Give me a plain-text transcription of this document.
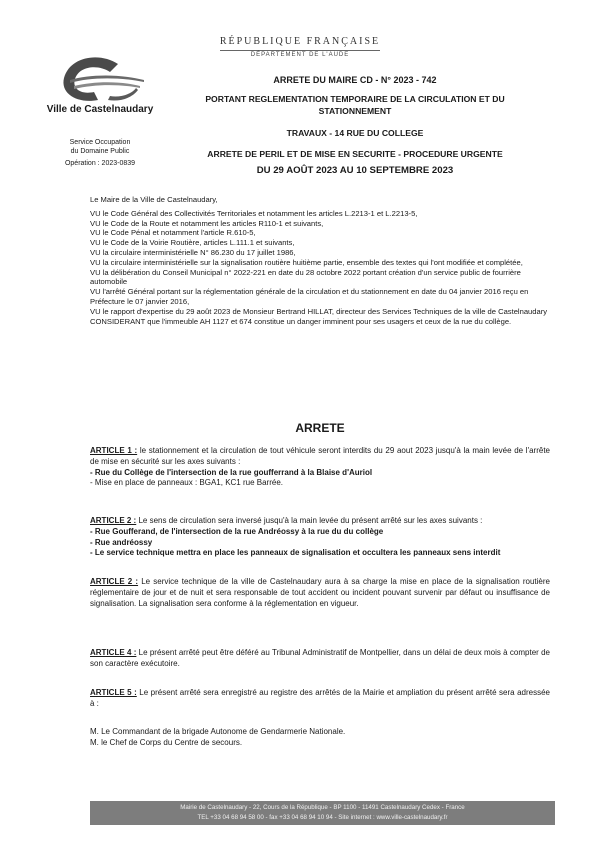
Ville de Castelnaudary
Service Occupation
du Domaine Public
Opération : 2023-0839
RÉPUBLIQUE FRANÇAISE
DÉPARTEMENT DE L'AUDE
ARRETE DU MAIRE CD - N° 2023 - 742
PORTANT REGLEMENTATION TEMPORAIRE DE LA CIRCULATION ET DU
STATIONNEMENT
TRAVAUX - 14 RUE DU COLLEGE
ARRETE DE PERIL ET DE MISE EN SECURITE - PROCEDURE URGENTE
DU 29 AOÛT 2023 AU 10 SEPTEMBRE 2023

Le Maire de la Ville de Castelnaudary,

VU le Code Général des Collectivités Territoriales et notamment les articles L.2213-1 et L.2213-5,

VU le Code de la Route et notamment les articles R110-1 et suivants,

VU le Code Pénal et notamment l'article R.610-5,

VU le Code de la Voirie Routière, articles L.111.1 et suivants,

VU la circulaire interministérielle N° 86.230 du 17 juillet 1986,

VU la circulaire interministérielle sur la signalisation routière huitième partie, ensemble des textes qui l'ont modifiée et complétée,

VU la délibération du Conseil Municipal n° 2022-221 en date du 28 octobre 2022 portant création d'un service public de fourrière automobile

VU l'arrêté Général portant sur la réglementation générale de la circulation et du stationnement en date du 04 janvier 2016 reçu en Préfecture le 07 janvier 2016,

VU le rapport d'expertise du 29 août 2023 de Monsieur Bertrand HILLAT, directeur des Services Techniques de la ville de Castelnaudary

CONSIDERANT que l'immeuble AH 1127 et 674 constitue un danger imminent pour ses usagers et ceux de la rue du collège.

ARRETE

ARTICLE 1 : le stationnement et la circulation de tout véhicule seront interdits du 29 aout 2023 jusqu'à la main levée de l'arrête de mise en sécurité sur les axes suivants :

- Rue du Collège de l'intersection de la rue goufferrand à la Blaise d'Auriol

- Mise en place de panneaux : BGA1, KC1 rue Barrée.

ARTICLE 2 : Le sens de circulation sera inversé jusqu'à la main levée du présent arrêté sur les axes suivants :

- Rue Goufferand, de l'intersection de la rue Andréossy à la rue du du collège

- Rue andréossy

- Le service technique mettra en place les panneaux de signalisation et occultera les panneaux sens interdit

ARTICLE 2 : Le service technique de la ville de Castelnaudary aura à sa charge la mise en place de la signalisation routière réglementaire de jour et de nuit et sera responsable de tout accident ou incident pouvant survenir par défaut ou insuffisance de signalisation. La signalisation sera conforme à la réglementation en vigueur.

ARTICLE 4 : Le présent arrêté peut être déféré au Tribunal Administratif de Montpellier, dans un délai de deux mois à compter de son caractère exécutoire.

ARTICLE 5 : Le présent arrêté sera enregistré au registre des arrêtés de la Mairie et ampliation du présent arrêté sera adressée à :

M. Le Commandant de la brigade Autonome de Gendarmerie Nationale.

M. le Chef de Corps du Centre de secours.

Mairie de Castelnaudary - 22, Cours de la République - BP 1100 - 11491 Castelnaudary Cedex - France
TEL +33 04 68 94 58 00 - fax +33 04 68 94 10 94 - Site internet : www.ville-castelnaudary.fr
